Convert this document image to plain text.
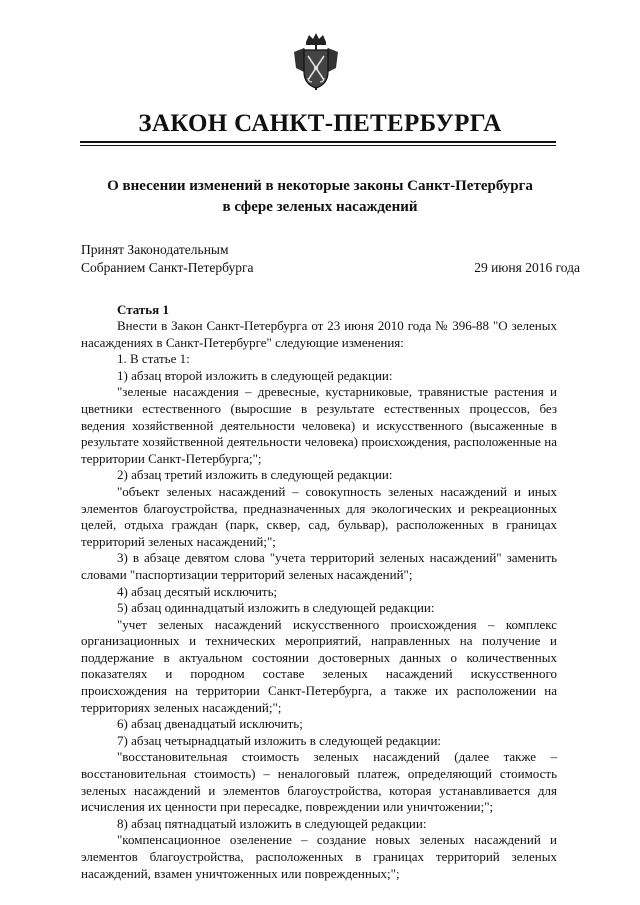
ЗАКОН САНКТ-ПЕТЕРБУРГА
О внесении изменений в некоторые законы Санкт-Петербурга
в сфере зеленых насаждений
Принят Законодательным
Собранием Санкт-Петербурга	29 июня 2016 года
Статья 1

Внести в Закон Санкт-Петербурга от 23 июня 2010 года № 396-88 "О зеленых насаждениях в Санкт-Петербурге" следующие изменения:

1. В статье 1:

1) абзац второй изложить в следующей редакции:

"зеленые насаждения – древесные, кустарниковые, травянистые растения и цветники естественного (выросшие в результате естественных процессов, без ведения хозяйственной деятельности человека) и искусственного (высаженные в результате хозяйственной деятельности человека) происхождения, расположенные на территории Санкт-Петербурга;";

2) абзац третий изложить в следующей редакции:

"объект зеленых насаждений – совокупность зеленых насаждений и иных элементов благоустройства, предназначенных для экологических и рекреационных целей, отдыха граждан (парк, сквер, сад, бульвар), расположенных в границах территорий зеленых насаждений;";

3) в абзаце девятом слова "учета территорий зеленых насаждений" заменить словами "паспортизации территорий зеленых насаждений";

4) абзац десятый исключить;

5) абзац одиннадцатый изложить в следующей редакции:

"учет зеленых насаждений искусственного происхождения – комплекс организационных и технических мероприятий, направленных на получение и поддержание в актуальном состоянии достоверных данных о количественных показателях и породном составе зеленых насаждений искусственного происхождения на территории Санкт-Петербурга, а также их расположении на территориях зеленых насаждений;";

6) абзац двенадцатый исключить;

7) абзац четырнадцатый изложить в следующей редакции:

"восстановительная стоимость зеленых насаждений (далее также – восстановительная стоимость) – неналоговый платеж, определяющий стоимость зеленых насаждений и элементов благоустройства, которая устанавливается для исчисления их ценности при пересадке, повреждении или уничтожении;";

8) абзац пятнадцатый изложить в следующей редакции:

"компенсационное озеленение – создание новых зеленых насаждений и элементов благоустройства, расположенных в границах территорий зеленых насаждений, взамен уничтоженных или поврежденных;";
